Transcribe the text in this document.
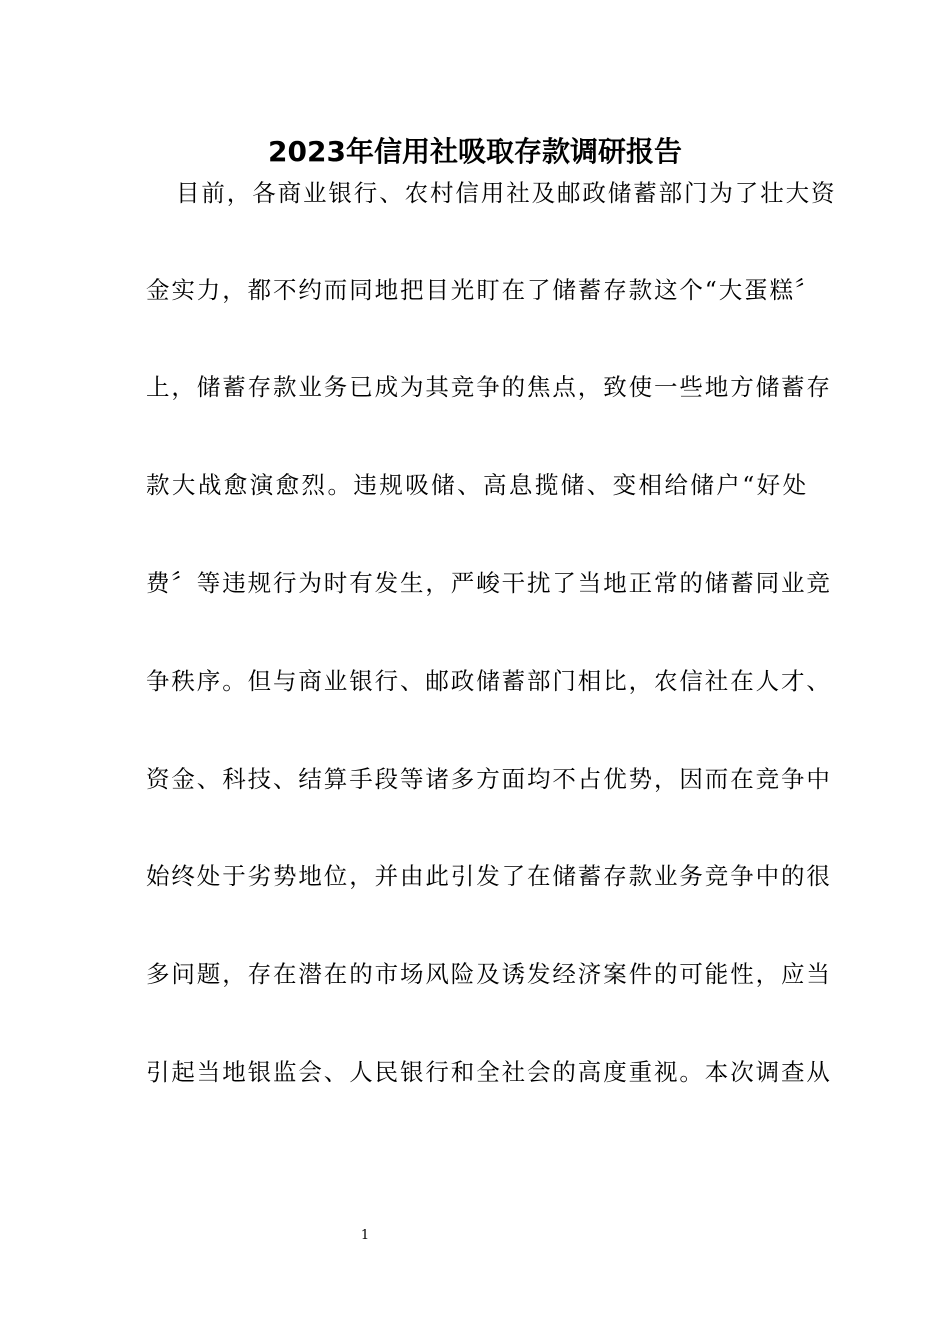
2023年信用社吸取存款调研报告
目前，各商业银行、农村信用社及邮政储蓄部门为了壮大资
金实力，都不约而同地把目光盯在了储蓄存款这个“大蛋糕〞
上，储蓄存款业务已成为其竞争的焦点，致使一些地方储蓄存
款大战愈演愈烈。违规吸储、高息揽储、变相给储户“好处
费〞等违规行为时有发生，严峻干扰了当地正常的储蓄同业竞
争秩序。但与商业银行、邮政储蓄部门相比，农信社在人才、
资金、科技、结算手段等诸多方面均不占优势，因而在竞争中
始终处于劣势地位，并由此引发了在储蓄存款业务竞争中的很
多问题，存在潜在的市场风险及诱发经济案件的可能性，应当
引起当地银监会、人民银行和全社会的高度重视。本次调查从
1
